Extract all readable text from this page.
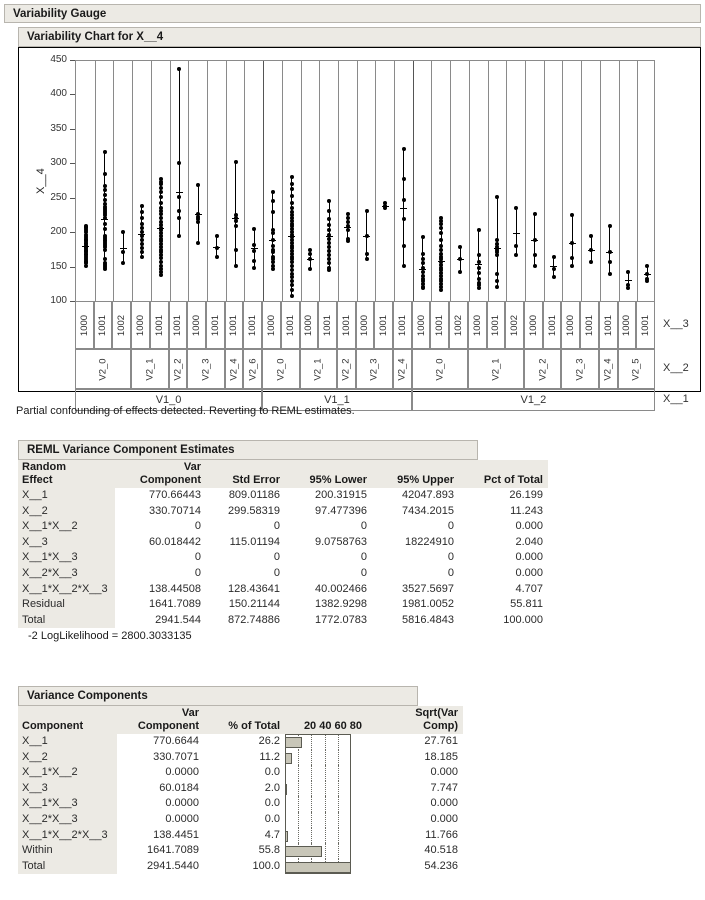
Variability Gauge
Variability Chart for X__4
X__4
100
150
200
250
300
350
400
450
1000 1001 1002 1000 1001 1001 1000 1001 1001 1001 1000 1001 1000 1001 1001 1000 1001 1001 1000 1001 1002 1000 1001 1002 1000 1001 1000 1001 1001 1000 1001
V2_0	V2_1 V2_2 V2_3 V2_4 V2_6 V2_0	V2_1 V2_2 V2_3 V2_4	V2_0	V2_1	V2_2	V2_3 V2_4 V2_5
V1_0	V1_1	V1_2
X__3
X__2
X__1
Partial confounding of effects detected. Reverting to REML estimates.
REML Variance Component Estimates
Random
Effect

Var
Component	Std Error	95% Lower	95% Upper	Pct of Total

X__1	770.66443	809.01186	200.31915	42047.893	26.199
X__2	330.70714	299.58319	97.477396	7434.2015	11.243
X__1*X__2	0	0	0	0	0.000
X__3	60.018442	115.01194	9.0758763	18224910	2.040
X__1*X__3	0	0	0	0	0.000
X__2*X__3	0	0	0	0	0.000
X__1*X__2*X__3	138.44508	128.43641	40.002466	3527.5697	4.707
Residual	1641.7089	150.21144	1382.9298	1981.0052	55.811
Total	2941.544	872.74886	1772.0783	5816.4843	100.000
-2 LogLikelihood = 2800.3033135
Variance Components

Component

Var
Component	% of Total	20 40 60 80

Sqrt(Var
Comp)

X__1	770.6644	26.2		27.761
X__2	330.7071	11.2		18.185
X__1*X__2	0.0000	0.0		0.000
X__3	60.0184	2.0		7.747
X__1*X__3	0.0000	0.0		0.000
X__2*X__3	0.0000	0.0		0.000
X__1*X__2*X__3	138.4451	4.7		11.766
Within	1641.7089	55.8		40.518
Total	2941.5440	100.0		54.236
